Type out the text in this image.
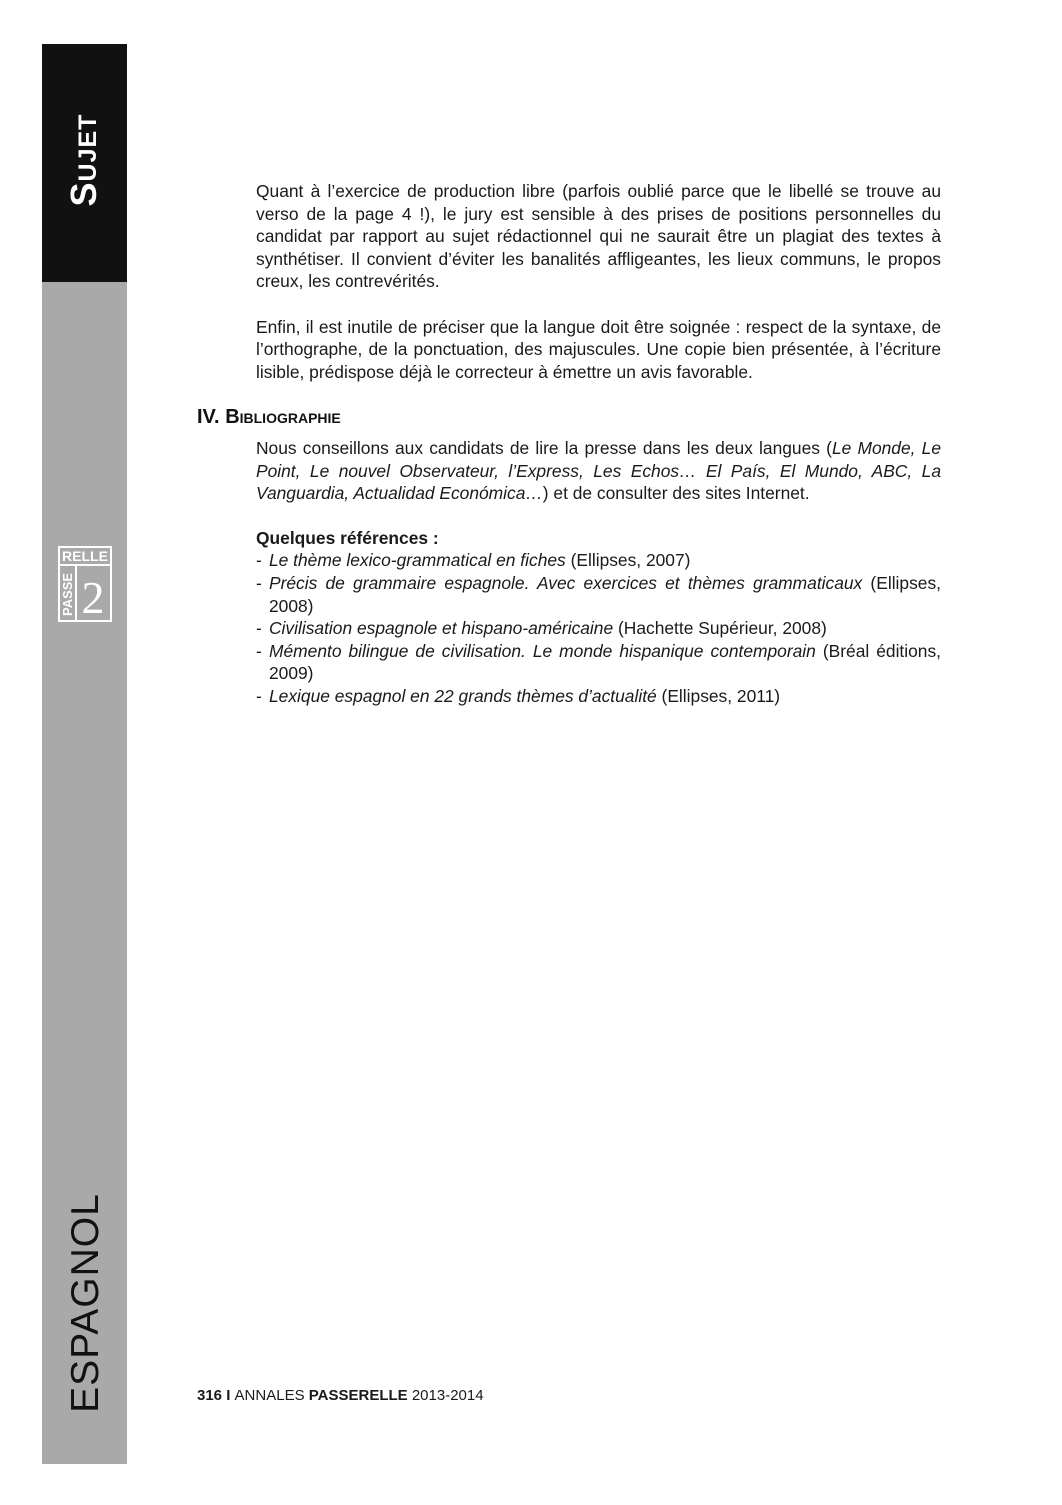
Sujet
ESPAGNOL
RELLE
PASSE 2

Quant à l’exercice de production libre (parfois oublié parce que le libellé se trouve au verso de la page 4 !), le jury est sensible à des prises de positions personnelles du candidat par rapport au sujet rédactionnel qui ne saurait être un plagiat des textes à synthétiser. Il convient d’éviter les banalités affligeantes, les lieux communs, le propos creux, les contrevérités.

Enfin, il est inutile de préciser que la langue doit être soignée : respect de la syntaxe, de l’orthographe, de la ponctuation, des majuscules. Une copie bien présentée, à l’écriture lisible, prédispose déjà le correcteur à émettre un avis favorable.

IV. Bibliographie

Nous conseillons aux candidats de lire la presse dans les deux langues (Le Monde, Le Point, Le nouvel Observateur, l’Express, Les Echos… El País, El Mundo, ABC, La Vanguardia, Actualidad Económica…) et de consulter des sites Internet.

Quelques références :

- Le thème lexico-grammatical en fiches (Ellipses, 2007)
- Précis de grammaire espagnole. Avec exercices et thèmes grammaticaux (Ellipses, 2008)
- Civilisation espagnole et hispano-américaine (Hachette Supérieur, 2008)
- Mémento bilingue de civilisation. Le monde hispanique contemporain (Bréal éditions, 2009)
- Lexique espagnol en 22 grands thèmes d’actualité (Ellipses, 2011)
316 I ANNALES PASSERELLE 2013-2014
